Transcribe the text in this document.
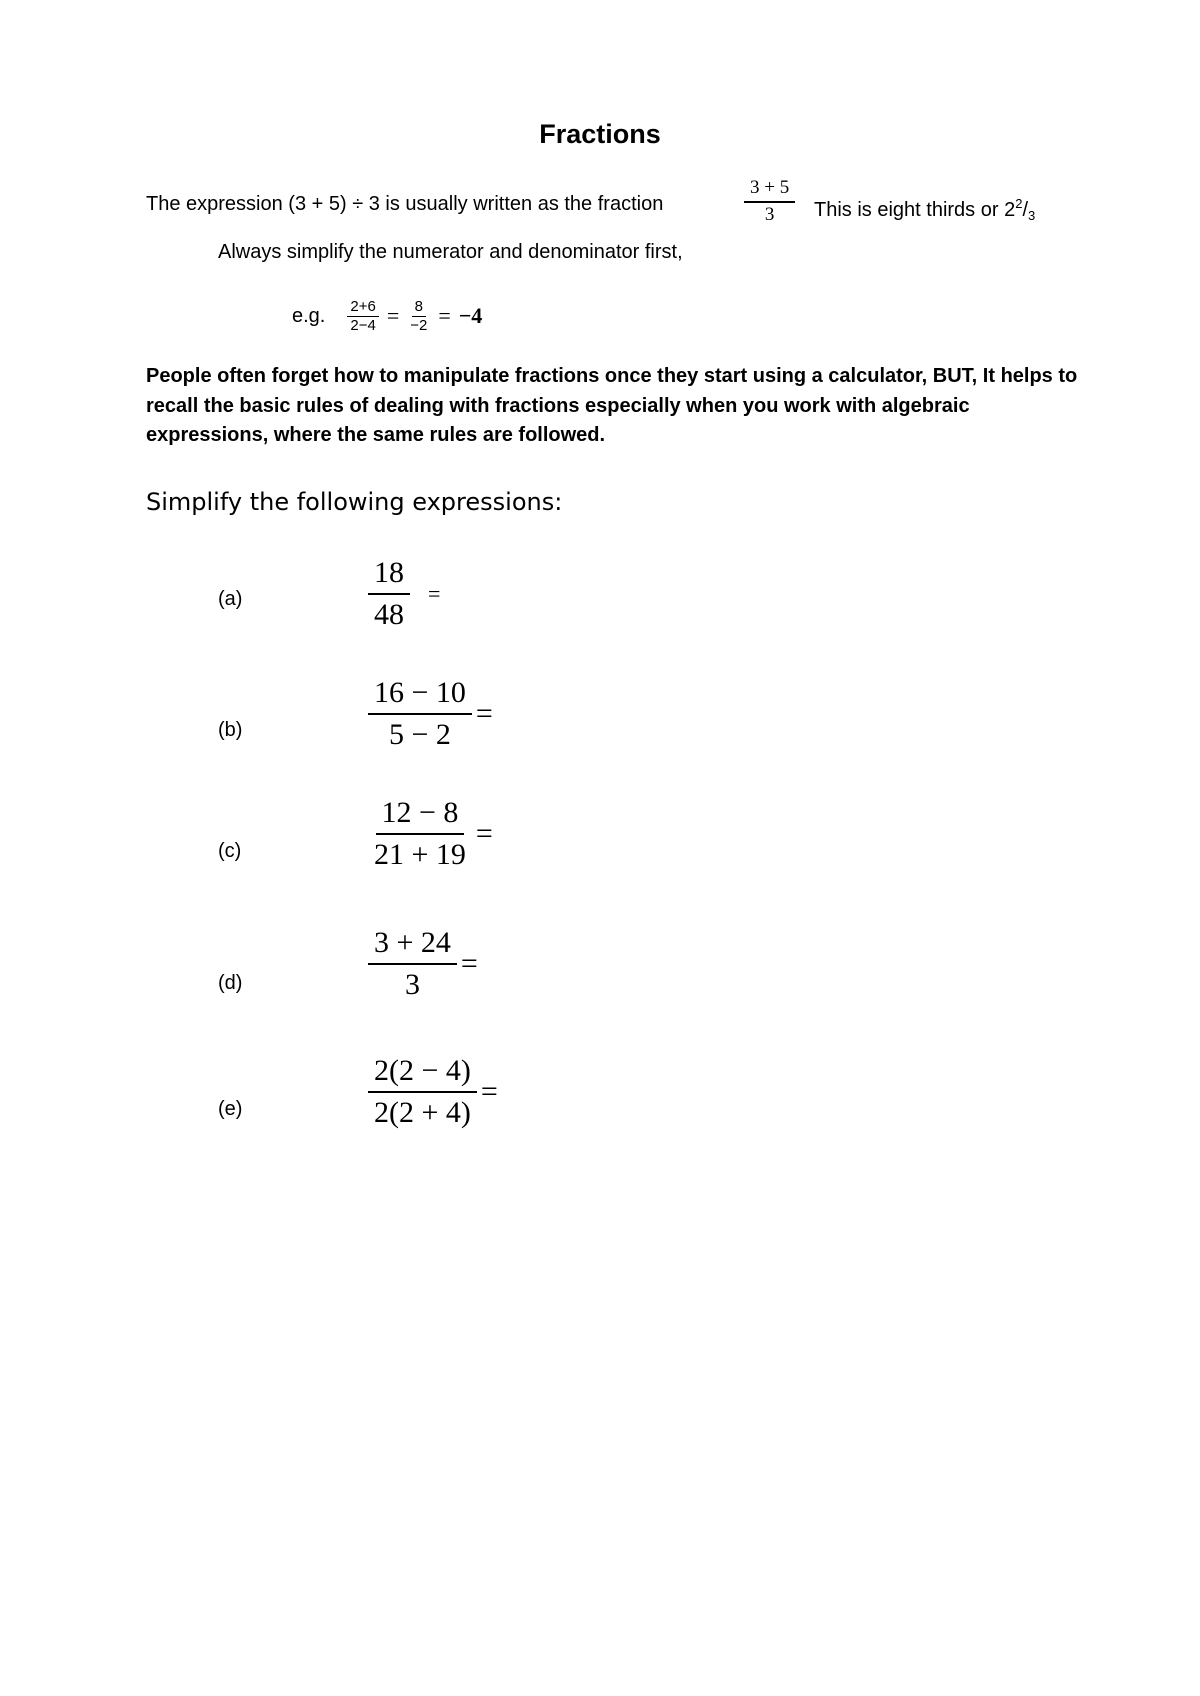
Fractions
The expression (3 + 5) ÷ 3 is usually written as the fraction	$\frac{3 + 5}{3}$ This is eight thirds or $2^2/_3$
Always simplify the numerator and denominator first,
e.g. $\frac{2+6}{2-4} = \frac{8}{-2} = -4$
People often forget how to manipulate fractions once they start using a calculator, BUT, It helps to recall the basic rules of dealing with fractions especially when you work with algebraic expressions, where the same rules are followed.
Simplify the following expressions:
(a)	$\frac{18}{48}$ =
(b)	$\frac{16 - 10}{5 - 2}$ =
(c)	$\frac{12 - 8}{21 + 19}$ =
(d)	$\frac{3 + 24}{3}$ =
(e)	$\frac{2(2 - 4)}{2(2 + 4)}$ =
